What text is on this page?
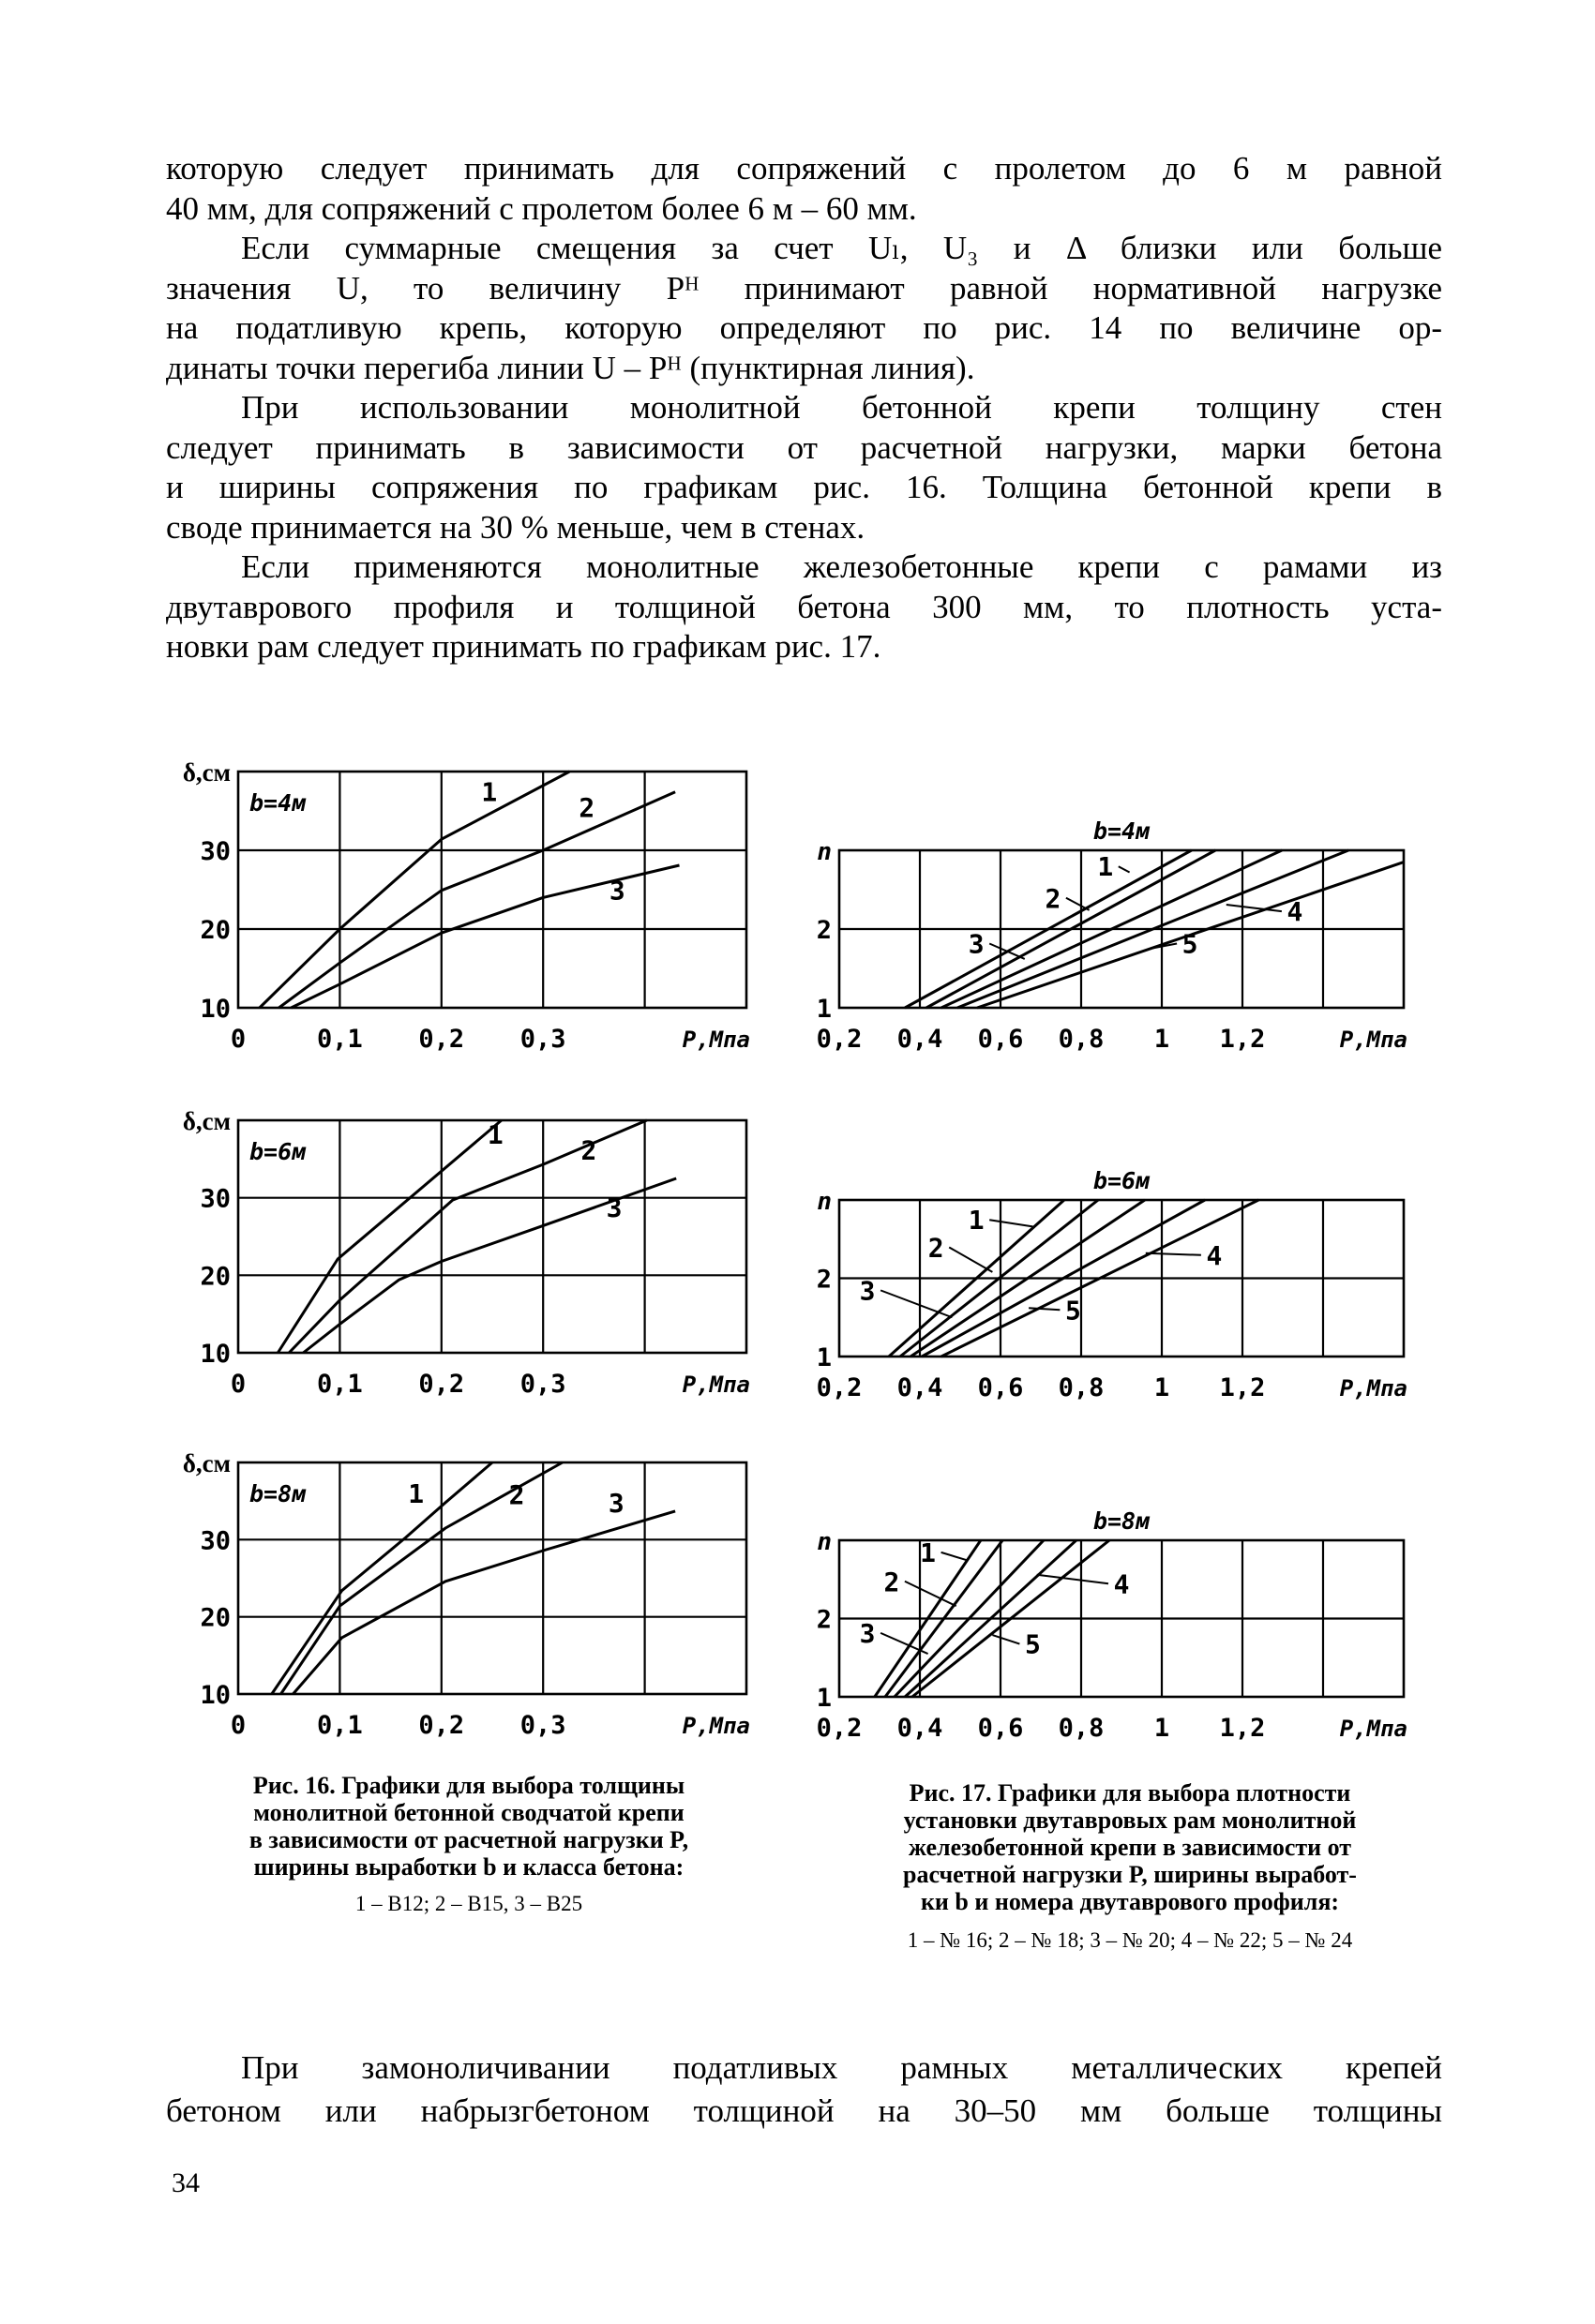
которую следует принимать для сопряжений с пролетом до 6 м равной
40 мм, для сопряжений с пролетом более 6 м – 60 мм.
Если суммарные смещения за счет Uₗ, U₃ и Δ близки или больше
значения U, то величину Pᴴ принимают равной нормативной нагрузке
на податливую крепь, которую определяют по рис. 14 по величине ор-
динаты точки перегиба линии U – Pᴴ (пунктирная линия).
При использовании монолитной бетонной крепи толщину стен
следует принимать в зависимости от расчетной нагрузки, марки бетона
и ширины сопряжения по графикам рис. 16. Толщина бетонной крепи в
своде принимается на 30 % меньше, чем в стенах.
Если применяются монолитные железобетонные крепи с рамами из
двутаврового профиля и толщиной бетона 300 мм, то плотность уста-
новки рам следует принимать по графикам рис. 17.
10
20
30
δ,см
0	0,1 0,2 0,3	P,Мпа
b=4м	1
2
3
1
2
n
0,2 0,4 0,6 0,8 1 1,2	P,Мпа
b=4м
1
2
3
4
5
10
20
30
δ,см
0	0,1 0,2 0,3	P,Мпа
b=6м
1
2
3
1
2
n
0,2 0,4 0,6 0,8 1 1,2	P,Мпа
b=6м
1
2
3
4
5
10
20
30
δ,см
0	0,1 0,2 0,3	P,Мпа
b=8м	1	2	3
1
2
n
0,2 0,4 0,6 0,8 1 1,2	P,Мпа
b=8м
1
2
3
4
5
Рис. 16. Графики для выбора толщины
монолитной бетонной сводчатой крепи
в зависимости от расчетной нагрузки P,
ширины выработки b и класса бетона:
1 – В12; 2 – В15, 3 – В25
Рис. 17. Графики для выбора плотности
установки двутавровых рам монолитной
железобетонной крепи в зависимости от
расчетной нагрузки P, ширины выработ-
ки b и номера двутаврового профиля:
1 – № 16; 2 – № 18; 3 – № 20; 4 – № 22; 5 – № 24
При замоноличивании податливых рамных металлических крепей
бетоном или набрызгбетоном толщиной на 30–50 мм больше толщины
34
